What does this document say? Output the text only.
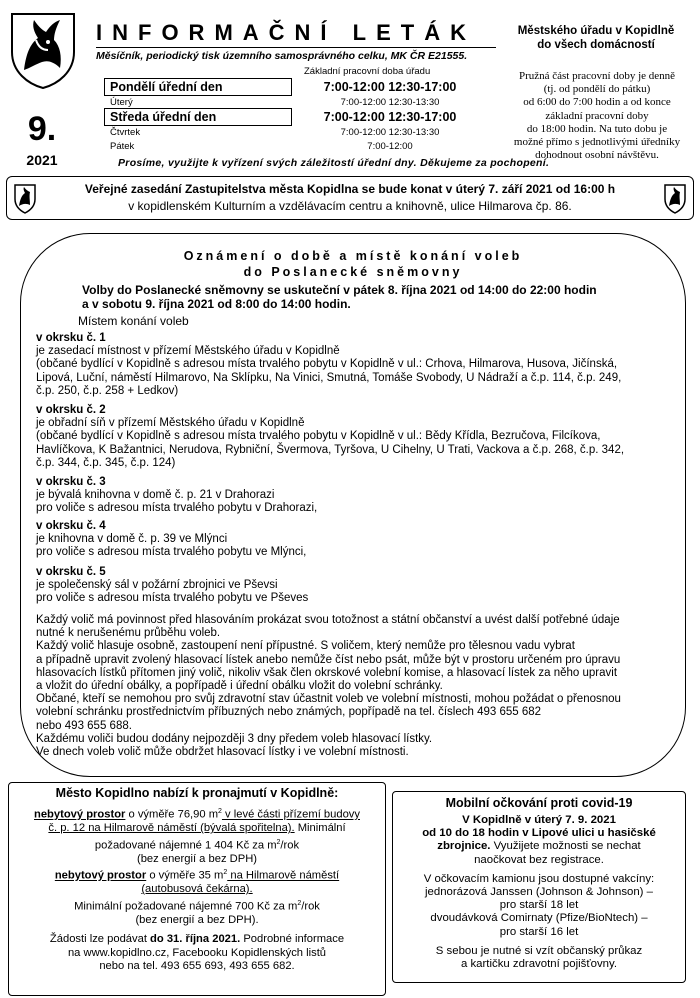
INFORMAČNÍ LETÁK
Měsíčník, periodický tisk územního samosprávného celku, MK ČR E21555.
Městského úřadu v Kopidlně
do všech domácností
9.
2021
Základní pracovní doba úřadu
Pondělí úřední den	7:00-12:00 12:30-17:00
Úterý	7:00-12:00 12:30-13:30
Středa úřední den	7:00-12:00 12:30-17:00
Čtvrtek	7:00-12:00 12:30-13:30
Pátek	7:00-12:00
Pružná část pracovní doby je denně
(tj. od pondělí do pátku)
od 6:00 do 7:00 hodin a od konce
základní pracovní doby
do 18:00 hodin. Na tuto dobu je
možné přímo s jednotlivými úředníky
dohodnout osobní návštěvu.
Prosíme, využijte k vyřízení svých záležitostí úřední dny. Děkujeme za pochopení.
Veřejné zasedání Zastupitelstva města Kopidlna se bude konat v úterý 7. září 2021 od 16:00 h
v kopidlenském Kulturním a vzdělávacím centru a knihovně, ulice Hilmarova čp. 86.
Oznámení o době a místě konání voleb
do Poslanecké sněmovny
Volby do Poslanecké sněmovny se uskuteční v pátek 8. října 2021 od 14:00 do 22:00 hodin
a v sobotu 9. října 2021 od 8:00 do 14:00 hodin.
Místem konání voleb
v okrsku č. 1
je zasedací místnost v přízemí Městského úřadu v Kopidlně
(občané bydlící v Kopidlně s adresou místa trvalého pobytu v Kopidlně v ul.: Crhova, Hilmarova, Husova, Jičínská,
Lipová, Luční, náměstí Hilmarovo, Na Sklípku, Na Vinici, Smutná, Tomáše Svobody, U Nádraží a č.p. 114, č.p. 249,
č.p. 250, č.p. 258 + Ledkov)
v okrsku č. 2
je obřadní síň v přízemí Městského úřadu v Kopidlně
(občané bydlící v Kopidlně s adresou místa trvalého pobytu v Kopidlně v ul.: Bědy Křídla, Bezručova, Filcíkova,
Havlíčkova, K Bažantnici, Nerudova, Rybniční, Švermova, Tyršova, U Cihelny, U Trati, Vackova a č.p. 268, č.p. 342,
č.p. 344, č.p. 345, č.p. 124)
v okrsku č. 3
je bývalá knihovna v domě č. p. 21 v Drahorazi
pro voliče s adresou místa trvalého pobytu v Drahorazi,
v okrsku č. 4
je knihovna v domě č. p. 39 ve Mlýnci
pro voliče s adresou místa trvalého pobytu ve Mlýnci,
v okrsku č. 5
je společenský sál v požární zbrojnici ve Pševsi
pro voliče s adresou místa trvalého pobytu ve Pševes
Každý volič má povinnost před hlasováním prokázat svou totožnost a státní občanství a uvést další potřebné údaje
nutné k nerušenému průběhu voleb.
Každý volič hlasuje osobně, zastoupení není přípustné. S voličem, který nemůže pro tělesnou vadu vybrat
a případně upravit zvolený hlasovací lístek anebo nemůže číst nebo psát, může být v prostoru určeném pro úpravu
hlasovacích lístků přítomen jiný volič, nikoliv však člen okrskové volební komise, a hlasovací lístek za něho upravit
a vložit do úřední obálky, a popřípadě i úřední obálku vložit do volební schránky.
Občané, kteří se nemohou pro svůj zdravotní stav účastnit voleb ve volební místnosti, mohou požádat o přenosnou
volební schránku prostřednictvím příbuzných nebo známých, popřípadě na tel. číslech 493 655 682
nebo 493 655 688.
Každému voliči budou dodány nejpozději 3 dny předem voleb hlasovací lístky.
Ve dnech voleb volič může obdržet hlasovací lístky i ve volební místnosti.
Město Kopidlno nabízí k pronajmutí v Kopidlně:
nebytový prostor o výměře 76,90 $m^2$ v levé části přízemí budovy
č. p. 12 na Hilmarově náměstí (bývalá spořitelna). Minimální
požadované nájemné 1 404 Kč za $m^2$/rok
(bez energií a bez DPH)
nebytový prostor o výměře 35 $m^2$ na Hilmarově náměstí
(autobusová čekárna).
Minimální požadované nájemné 700 Kč za $m^2$/rok
(bez energií a bez DPH).
Žádosti lze podávat do 31. října 2021. Podrobné informace
na www.kopidlno.cz, Facebooku Kopidlenských listů
nebo na tel. 493 655 693, 493 655 682.
Mobilní očkování proti covid-19
V Kopidlně v úterý 7. 9. 2021
od 10 do 18 hodin v Lipové ulici u hasičské
zbrojnice. Využijete možnosti se nechat
naočkovat bez registrace.
V očkovacím kamionu jsou dostupné vakcíny:
jednorázová Janssen (Johnson & Johnson) –
pro starší 18 let
dvoudávková Comirnaty (Pfize/BioNtech) –
pro starší 16 let
S sebou je nutné si vzít občanský průkaz
a kartičku zdravotní pojišťovny.
